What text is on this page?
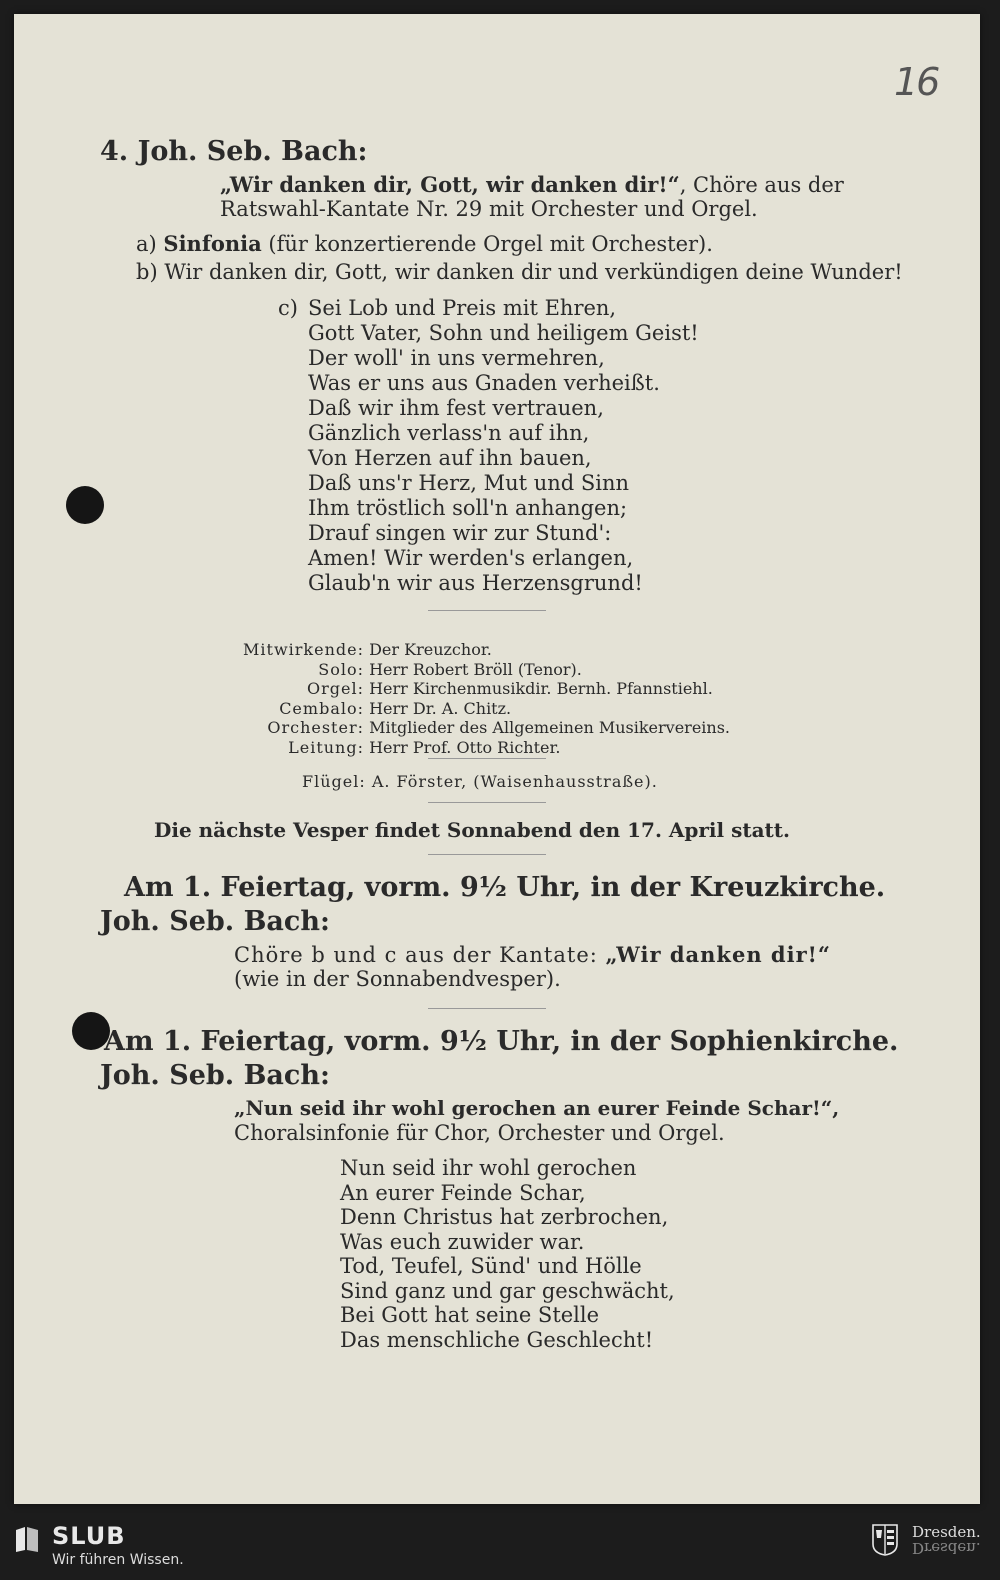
16
4. Joh. Seb. Bach:
„Wir danken dir, Gott, wir danken dir!“, Chöre aus der
Ratswahl-Kantate Nr. 29 mit Orchester und Orgel.
a) Sinfonia (für konzertierende Orgel mit Orchester).
b) Wir danken dir, Gott, wir danken dir und verkündigen deine Wunder!
c) Sei Lob und Preis mit Ehren,
Gott Vater, Sohn und heiligem Geist!
Der woll' in uns vermehren,
Was er uns aus Gnaden verheißt.
Daß wir ihm fest vertrauen,
Gänzlich verlass'n auf ihn,
Von Herzen auf ihn bauen,
Daß uns'r Herz, Mut und Sinn
Ihm tröstlich soll'n anhangen;
Drauf singen wir zur Stund':
Amen! Wir werden's erlangen,
Glaub'n wir aus Herzensgrund!
Mitwirkende: Der Kreuzchor.
Solo: Herr Robert Bröll (Tenor).
Orgel: Herr Kirchenmusikdir. Bernh. Pfannstiehl.
Cembalo: Herr Dr. A. Chitz.
Orchester: Mitglieder des Allgemeinen Musikervereins.
Leitung: Herr Prof. Otto Richter.
Flügel: A. Förster, (Waisenhausstraße).
Die nächste Vesper findet Sonnabend den 17. April statt.
Am 1. Feiertag, vorm. 9½ Uhr, in der Kreuzkirche.
Joh. Seb. Bach:
Chöre b und c aus der Kantate: „Wir danken dir!“
(wie in der Sonnabendvesper).
Am 1. Feiertag, vorm. 9½ Uhr, in der Sophienkirche.
Joh. Seb. Bach:
„Nun seid ihr wohl gerochen an eurer Feinde Schar!“,
Choralsinfonie für Chor, Orchester und Orgel.
Nun seid ihr wohl gerochen
An eurer Feinde Schar,
Denn Christus hat zerbrochen,
Was euch zuwider war.
Tod, Teufel, Sünd' und Hölle
Sind ganz und gar geschwächt,
Bei Gott hat seine Stelle
Das menschliche Geschlecht!
SLUB
Wir führen Wissen.
Dresden.
Dresden.
